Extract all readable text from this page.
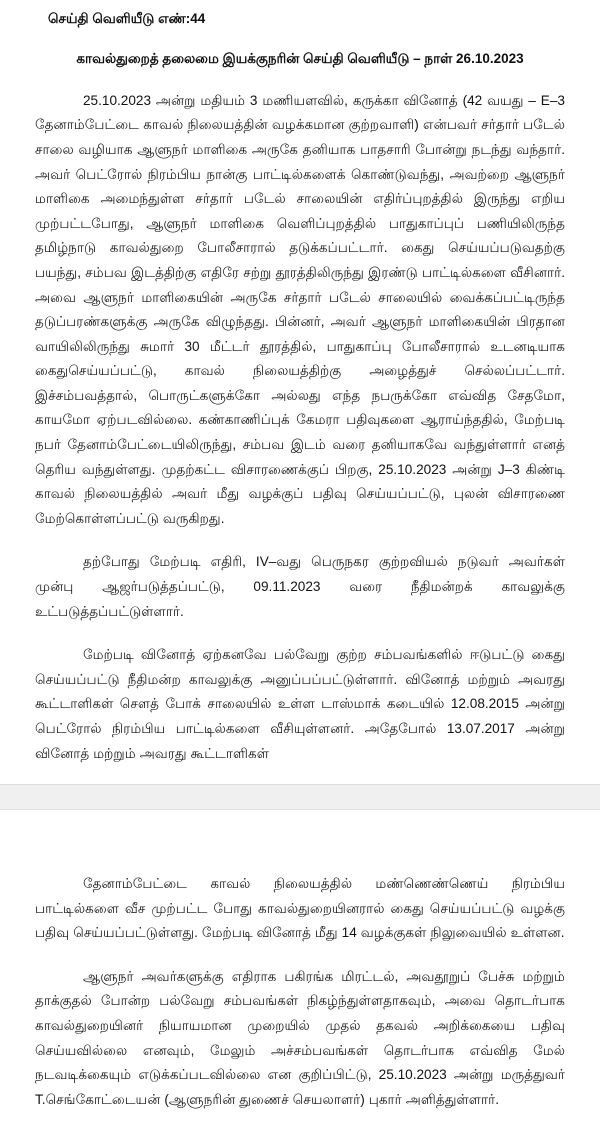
செய்தி வெளியீடு எண்:44
காவல்துறைத் தலைமை இயக்குநரின் செய்தி வெளியீடு – நாள் 26.10.2023

25.10.2023 அன்று மதியம் 3 மணியளவில், கருக்கா வினோத் (42 வயது – E–3 தேனாம்பேட்டை காவல் நிலையத்தின் வழக்கமான குற்றவாளி) என்பவர் சர்தார் படேல் சாலை வழியாக ஆளுநர் மாளிகை அருகே தனியாக பாதசாரி போன்று நடந்து வந்தார். அவர் பெட்ரோல் நிரம்பிய நான்கு பாட்டில்களைக் கொண்டுவந்து, அவற்றை ஆளுநர் மாளிகை அமைந்துள்ள சர்தார் படேல் சாலையின் எதிர்ப்புறத்தில் இருந்து எறிய முற்பட்டபோது, ஆளுநர் மாளிகை வெளிப்புறத்தில் பாதுகாப்புப் பணியிலிருந்த தமிழ்நாடு காவல்துறை போலீசாரால் தடுக்கப்பட்டார். கைது செய்யப்படுவதற்கு பயந்து, சம்பவ இடத்திற்கு எதிரே சற்று தூரத்திலிருந்து இரண்டு பாட்டில்களை வீசினார். அவை ஆளுநர் மாளிகையின் அருகே சர்தார் படேல் சாலையில் வைக்கப்பட்டிருந்த தடுப்பரண்களுக்கு அருகே விழுந்தது. பின்னர், அவர் ஆளுநர் மாளிகையின் பிரதான வாயிலிலிருந்து சுமார் 30 மீட்டர் தூரத்தில், பாதுகாப்பு போலீசாரால் உடனடியாக கைதுசெய்யப்பட்டு, காவல் நிலையத்திற்கு அழைத்துச் செல்லப்பட்டார். இச்சம்பவத்தால், பொருட்களுக்கோ அல்லது எந்த நபருக்கோ எவ்வித சேதமோ, காயமோ ஏற்படவில்லை. கண்காணிப்புக் கேமரா பதிவுகளை ஆராய்ந்ததில், மேற்படி நபர் தேனாம்பேட்டையிலிருந்து, சம்பவ இடம் வரை தனியாகவே வந்துள்ளார் எனத் தெரிய வந்துள்ளது. முதற்கட்ட விசாரணைக்குப் பிறகு, 25.10.2023 அன்று J–3 கிண்டி காவல் நிலையத்தில் அவர் மீது வழக்குப் பதிவு செய்யப்பட்டு, புலன் விசாரணை மேற்கொள்ளப்பட்டு வருகிறது.

தற்போது மேற்படி எதிரி, IV–வது பெருநகர குற்றவியல் நடுவர் அவர்கள் முன்பு ஆஜர்படுத்தப்பட்டு, 09.11.2023 வரை நீதிமன்றக் காவலுக்கு உட்படுத்தப்பட்டுள்ளார்.

மேற்படி வினோத் ஏற்கனவே பல்வேறு குற்ற சம்பவங்களில் ஈடுபட்டு கைது செய்யப்பட்டு நீதிமன்ற காவலுக்கு அனுப்பப்பட்டுள்ளார். வினோத் மற்றும் அவரது கூட்டாளிகள் செளத் போக் சாலையில் உள்ள டாஸ்மாக் கடையில் 12.08.2015 அன்று பெட்ரோல் நிரம்பிய பாட்டில்களை வீசியுள்ளனர். அதேபோல் 13.07.2017 அன்று வினோத் மற்றும் அவரது கூட்டாளிகள்

தேனாம்பேட்டை காவல் நிலையத்தில் மண்ணெண்ணெய் நிரம்பிய பாட்டில்களை வீச முற்பட்ட போது காவல்துறையினரால் கைது செய்யப்பட்டு வழக்கு பதிவு செய்யப்பட்டுள்ளது. மேற்படி வினோத் மீது 14 வழக்குகள் நிலுவையில் உள்ளன.

ஆளுநர் அவர்களுக்கு எதிராக பகிரங்க மிரட்டல், அவதூறுப் பேச்சு மற்றும் தாக்குதல் போன்ற பல்வேறு சம்பவங்கள் நிகழ்ந்துள்ளதாகவும், அவை தொடர்பாக காவல்துறையினர் நியாயமான முறையில் முதல் தகவல் அறிக்கையை பதிவு செய்யவில்லை எனவும், மேலும் அச்சம்பவங்கள் தொடர்பாக எவ்வித மேல் நடவடிக்கையும் எடுக்கப்படவில்லை என குறிப்பிட்டு, 25.10.2023 அன்று மருத்துவர் T.செங்கோட்டையன் (ஆளுநரின் துணைச் செயலாளர்) புகார் அளித்துள்ளார்.
